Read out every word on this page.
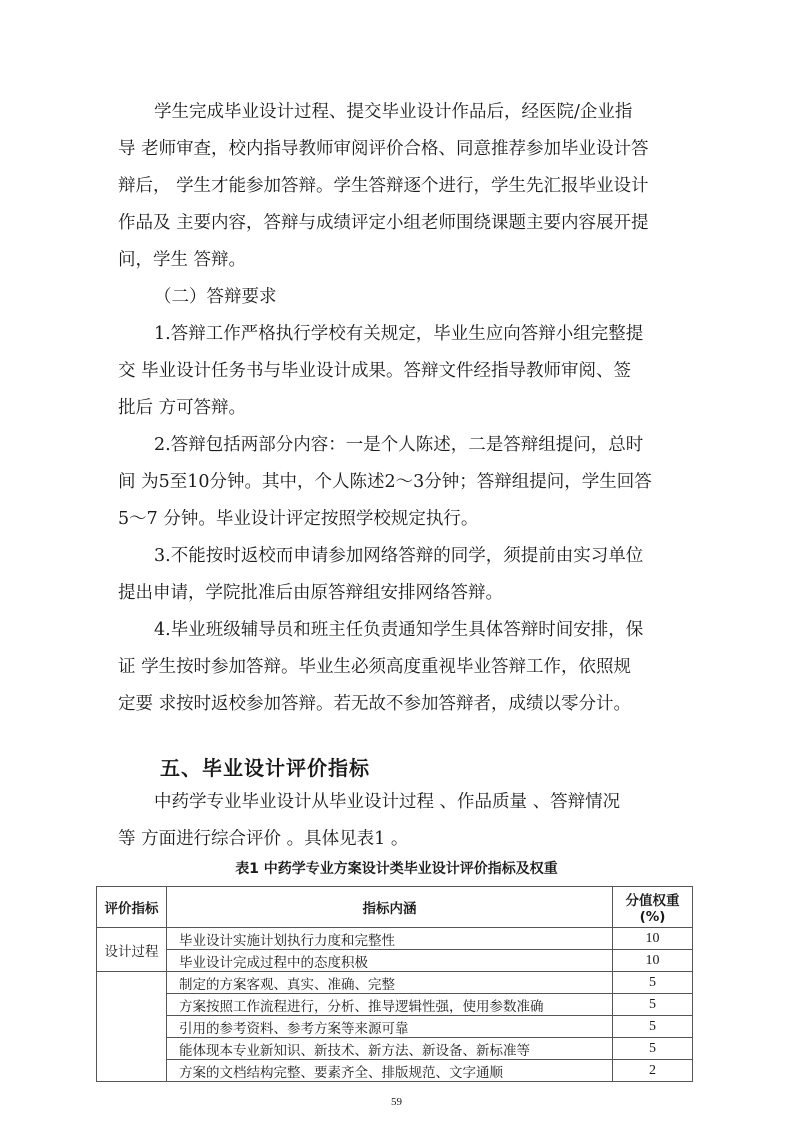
学生完成毕业设计过程、提交毕业设计作品后，经医院/企业指
导 老师审查，校内指导教师审阅评价合格、同意推荐参加毕业设计答
辩后， 学生才能参加答辩。学生答辩逐个进行，学生先汇报毕业设计
作品及 主要内容，答辩与成绩评定小组老师围绕课题主要内容展开提
问，学生 答辩。
（二）答辩要求
1.答辩工作严格执行学校有关规定，毕业生应向答辩小组完整提
交 毕业设计任务书与毕业设计成果。答辩文件经指导教师审阅、签
批后 方可答辩。
2.答辩包括两部分内容：一是个人陈述，二是答辩组提问，总时
间 为5至10分钟。其中，个人陈述2～3分钟；答辩组提问，学生回答
5～7 分钟。毕业设计评定按照学校规定执行。
3.不能按时返校而申请参加网络答辩的同学，须提前由实习单位
提出申请，学院批准后由原答辩组安排网络答辩。
4.毕业班级辅导员和班主任负责通知学生具体答辩时间安排，保
证 学生按时参加答辩。毕业生必须高度重视毕业答辩工作，依照规
定要 求按时返校参加答辩。若无故不参加答辩者，成绩以零分计。
五、毕业设计评价指标
中药学专业毕业设计从毕业设计过程 、作品质量 、答辩情况
等 方面进行综合评价 。具体见表1 。
表1 中药学专业方案设计类毕业设计评价指标及权重
评价指标	指标内涵	分值权重
(%)

设计过程	毕业设计实施计划执行力度和完整性	10
	毕业设计完成过程中的态度积极	10
	制定的方案客观、真实、准确、完整	5
	方案按照工作流程进行，分析、推导逻辑性强，使用参数准确	5
	引用的参考资料、参考方案等来源可靠	5
	能体现本专业新知识、新技术、新方法、新设备、新标准等	5
	方案的文档结构完整、要素齐全、排版规范、文字通顺	2
59
